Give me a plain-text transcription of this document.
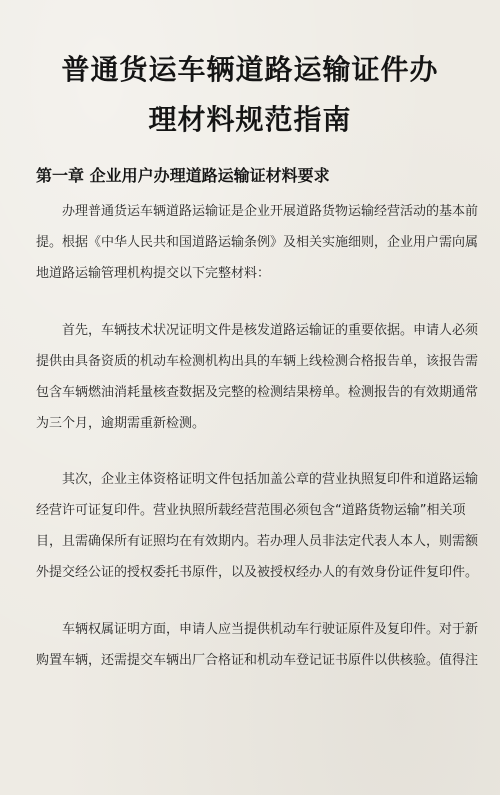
普通货运车辆道路运输证件办
理材料规范指南
第一章 企业用户办理道路运输证材料要求

办理普通货运车辆道路运输证是企业开展道路货物运输经营活动的基本前
提。根据《中华人民共和国道路运输条例》及相关实施细则，企业用户需向属
地道路运输管理机构提交以下完整材料：

首先，车辆技术状况证明文件是核发道路运输证的重要依据。申请人必须
提供由具备资质的机动车检测机构出具的车辆上线检测合格报告单，该报告需
包含车辆燃油消耗量核查数据及完整的检测结果榜单。检测报告的有效期通常
为三个月，逾期需重新检测。

其次，企业主体资格证明文件包括加盖公章的营业执照复印件和道路运输
经营许可证复印件。营业执照所载经营范围必须包含“道路货物运输”相关项
目，且需确保所有证照均在有效期内。若办理人员非法定代表人本人，则需额
外提交经公证的授权委托书原件，以及被授权经办人的有效身份证件复印件。

车辆权属证明方面，申请人应当提供机动车行驶证原件及复印件。对于新
购置车辆，还需提交车辆出厂合格证和机动车登记证书原件以供核验。值得注
